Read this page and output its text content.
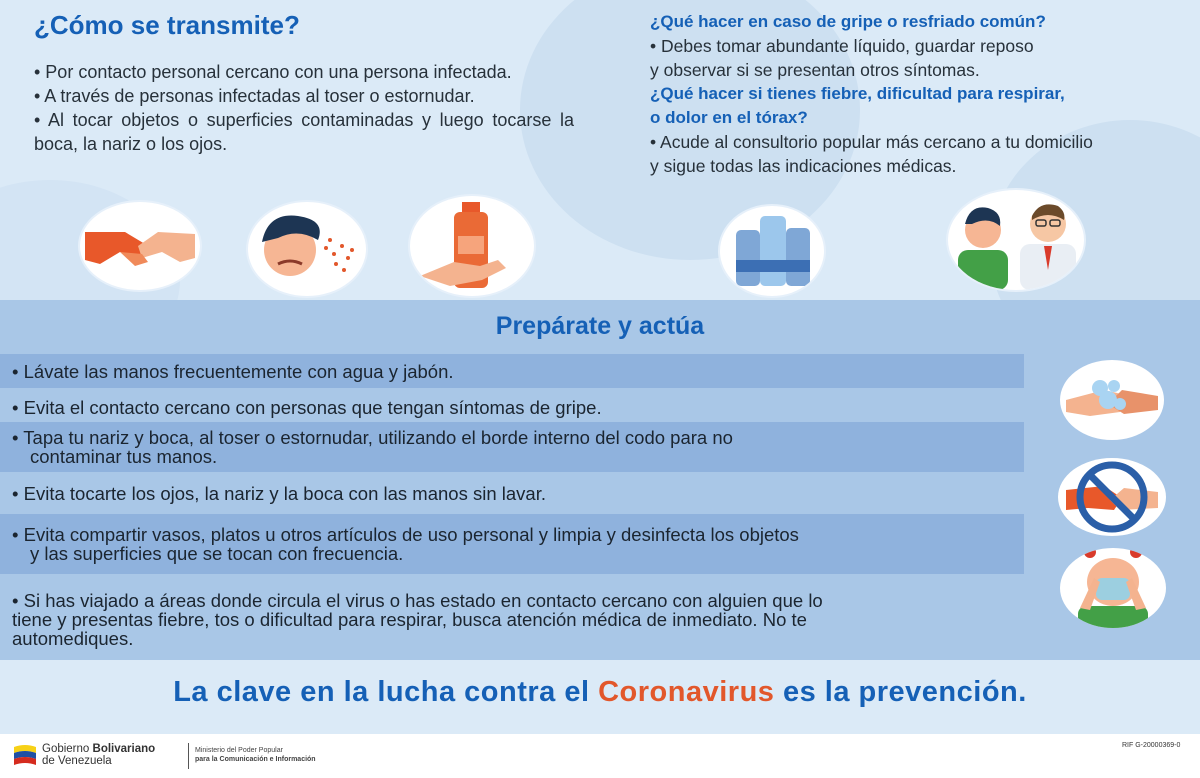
¿Cómo se transmite?
• Por contacto personal cercano con una persona infectada.
• A través de personas infectadas al toser o estornudar.
• Al tocar objetos o superficies contaminadas y luego tocarse la boca, la nariz o los ojos.
¿Qué hacer en caso de gripe o resfriado común?
• Debes tomar abundante líquido, guardar reposo
y observar si se presentan otros síntomas.
¿Qué hacer si tienes fiebre, dificultad para respirar,
o dolor en el tórax?
• Acude al consultorio popular más cercano a tu domicilio
y sigue todas las indicaciones médicas.
Prepárate y actúa
• Lávate las manos frecuentemente con agua y jabón.
• Evita el contacto cercano con personas que tengan síntomas de gripe.
• Tapa tu nariz y boca, al toser o estornudar, utilizando el borde interno del codo para no
contaminar tus manos.
• Evita tocarte los ojos, la nariz y la boca con las manos sin lavar.
• Evita compartir vasos, platos u otros artículos de uso personal y limpia y desinfecta los objetos
y las superficies que se tocan con frecuencia.
• Si has viajado a áreas donde circula el virus o has estado en contacto cercano con alguien que lo
tiene y presentas fiebre, tos o dificultad para respirar, busca atención médica de inmediato. No te
automediques.
La clave en la lucha contra el Coronavirus es la prevención.
Gobierno Bolivariano
de Venezuela
Ministerio del Poder Popular
para la Comunicación e Información
RIF G-20000369-0
